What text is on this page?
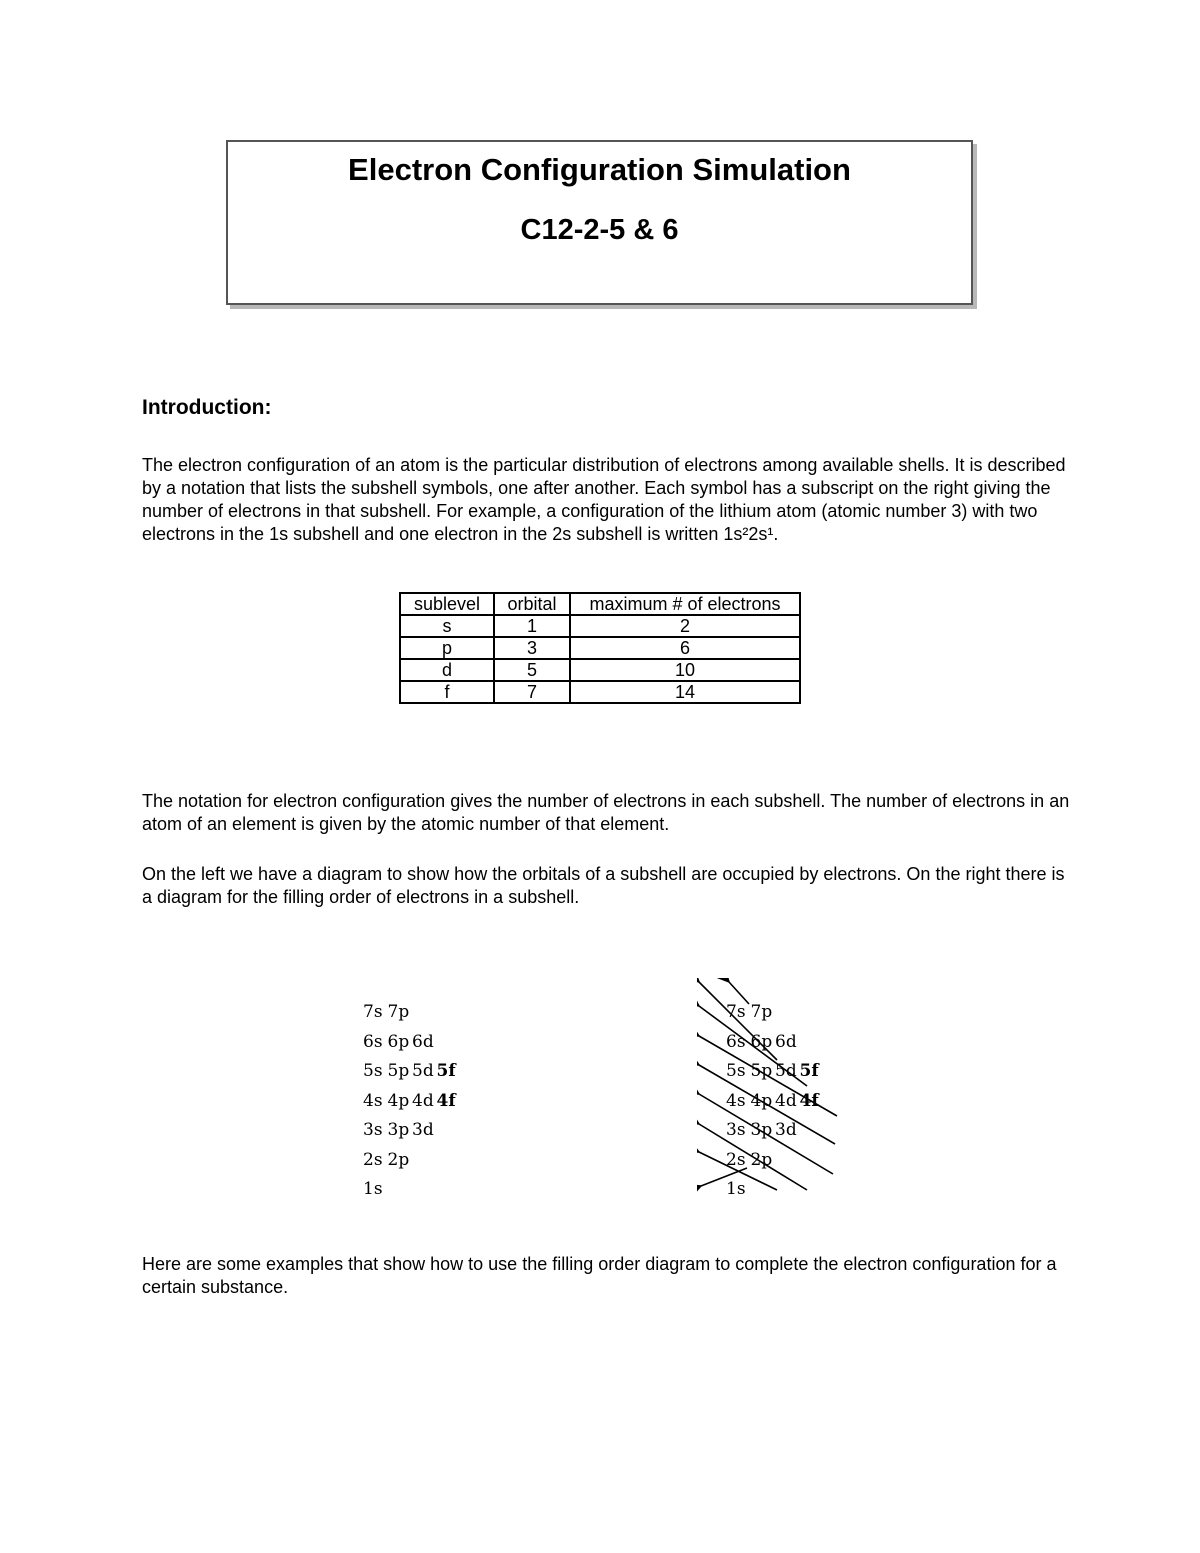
Electron Configuration Simulation
C12-2-5 & 6
Introduction:
The electron configuration of an atom is the particular distribution of electrons among available shells. It is described by a notation that lists the subshell symbols, one after another. Each symbol has a subscript on the right giving the number of electrons in that subshell. For example, a configuration of the lithium atom (atomic number 3) with two electrons in the 1s subshell and one electron in the 2s subshell is written 1s²2s¹.
sublevel	orbital	maximum # of electrons
s	1	2
p	3	6
d	5	10
f	7	14
The notation for electron configuration gives the number of electrons in each subshell. The number of electrons in an atom of an element is given by the atomic number of that element.
On the left we have a diagram to show how the orbitals of a subshell are occupied by electrons. On the right there is a diagram for the filling order of electrons in a subshell.
7s 7p
6s 6p 6d
5s 5p 5d 5f
4s 4p 4d 4f
3s 3p 3d
2s 2p
1s
7s 7p
6s 6p 6d
5s 5p 5d 5f
4s 4p 4d 4f
3s 3p 3d
2s 2p
1s
Here are some examples that show how to use the filling order diagram to complete the electron configuration for a certain substance.
